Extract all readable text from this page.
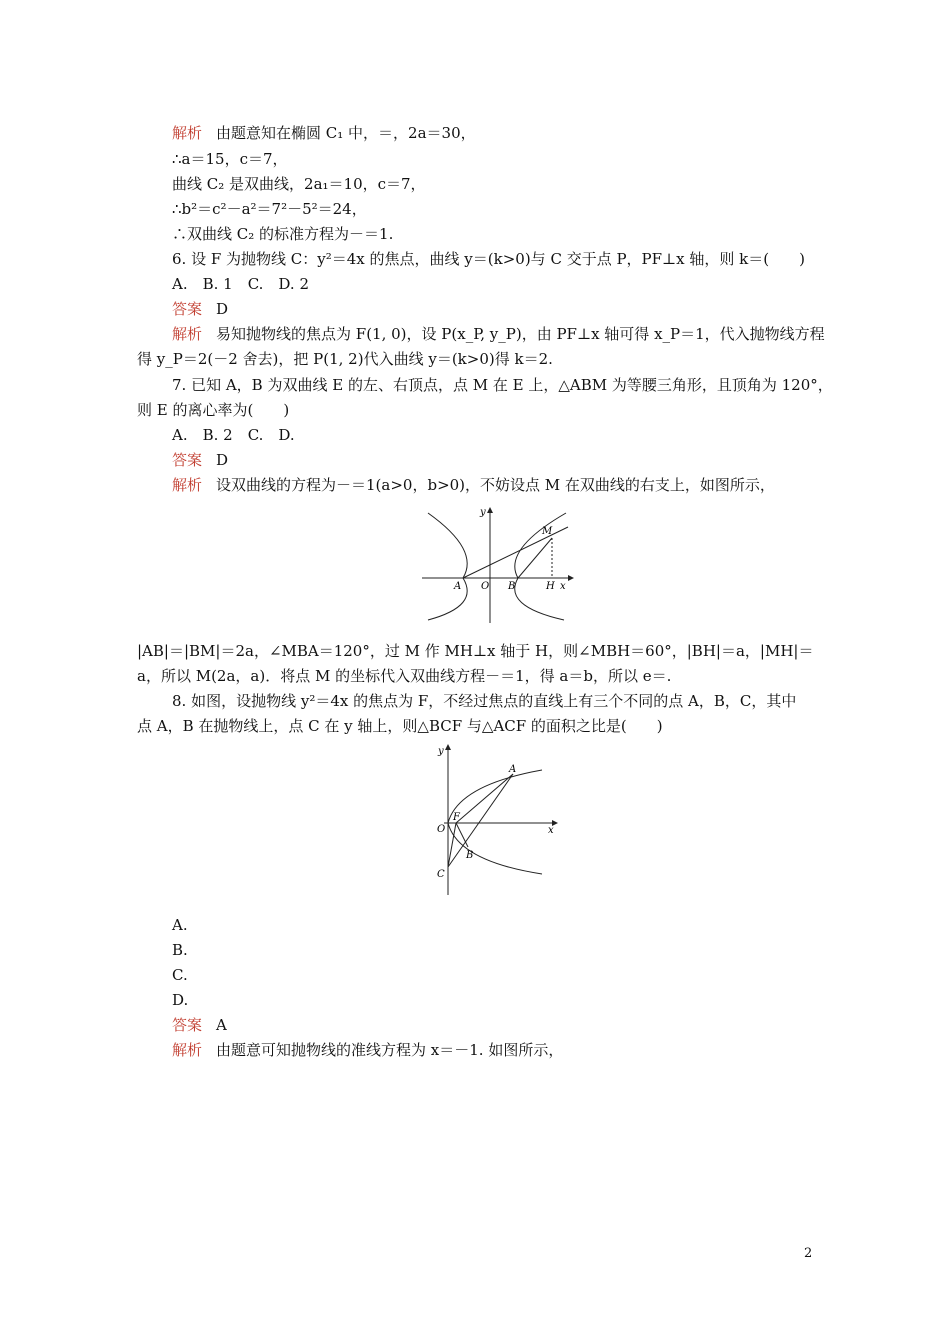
解析 由题意知在椭圆 C₁ 中，＝，2a＝30，
∴a＝15，c＝7，
曲线 C₂ 是双曲线，2a₁＝10，c＝7，
∴b²＝c²－a²＝7²－5²＝24，
∴双曲线 C₂ 的标准方程为－＝1.
6. 设 F 为抛物线 C：y²＝4x 的焦点，曲线 y＝(k>0)与 C 交于点 P，PF⊥x 轴，则 k＝(　　)
A.　B. 1　C.　D. 2
答案 D
解析 易知抛物线的焦点为 F(1, 0)，设 P(x_P, y_P)，由 PF⊥x 轴可得 x_P＝1，代入抛物线方程
得 y_P＝2(－2 舍去)，把 P(1, 2)代入曲线 y＝(k>0)得 k＝2.
7. 已知 A，B 为双曲线 E 的左、右顶点，点 M 在 E 上，△ABM 为等腰三角形，且顶角为 120°，
则 E 的离心率为(　　)
A.　B. 2　C.　D.
答案 D
解析 设双曲线的方程为－＝1(a>0，b>0)，不妨设点 M 在双曲线的右支上，如图所示，
y
x
A O B	H
M
|AB|＝|BM|＝2a，∠MBA＝120°，过 M 作 MH⊥x 轴于 H，则∠MBH＝60°，|BH|＝a，|MH|＝
a，所以 M(2a，a)．将点 M 的坐标代入双曲线方程－＝1，得 a＝b，所以 e＝.
8. 如图，设抛物线 y²＝4x 的焦点为 F，不经过焦点的直线上有三个不同的点 A，B，C，其中
点 A，B 在抛物线上，点 C 在 y 轴上，则△BCF 与△ACF 的面积之比是(　　)
y
x
A
O
F
B
C
A.
B.
C.
D.
答案 A
解析 由题意可知抛物线的准线方程为 x＝－1. 如图所示，
2
